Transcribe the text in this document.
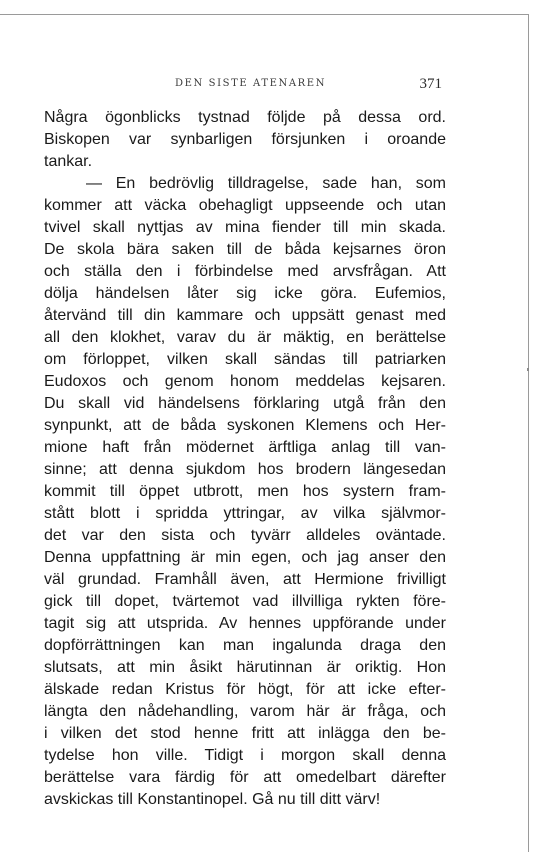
DEN SISTE ATENAREN	371
Några ögonblicks tystnad följde på dessa ord.
Biskopen var synbarligen försjunken i oroande
tankar.
— En bedrövlig tilldragelse, sade han, som
kommer att väcka obehagligt uppseende och utan
tvivel skall nyttjas av mina fiender till min skada.
De skola bära saken till de båda kejsarnes öron
och ställa den i förbindelse med arvsfrågan. Att
dölja händelsen låter sig icke göra. Eufemios,
återvänd till din kammare och uppsätt genast med
all den klokhet, varav du är mäktig, en berättelse
om förloppet, vilken skall sändas till patriarken
Eudoxos och genom honom meddelas kejsaren.
Du skall vid händelsens förklaring utgå från den
synpunkt, att de båda syskonen Klemens och Her-
mione haft från mödernet ärftliga anlag till van-
sinne; att denna sjukdom hos brodern längesedan
kommit till öppet utbrott, men hos systern fram-
stått blott i spridda yttringar, av vilka självmor-
det var den sista och tyvärr alldeles oväntade.
Denna uppfattning är min egen, och jag anser den
väl grundad. Framhåll även, att Hermione frivilligt
gick till dopet, tvärtemot vad illvilliga rykten före-
tagit sig att utsprida. Av hennes uppförande under
dopförrättningen kan man ingalunda draga den
slutsats, att min åsikt härutinnan är oriktig. Hon
älskade redan Kristus för högt, för att icke efter-
längta den nådehandling, varom här är fråga, och
i vilken det stod henne fritt att inlägga den be-
tydelse hon ville. Tidigt i morgon skall denna
berättelse vara färdig för att omedelbart därefter
avskickas till Konstantinopel. Gå nu till ditt värv!
